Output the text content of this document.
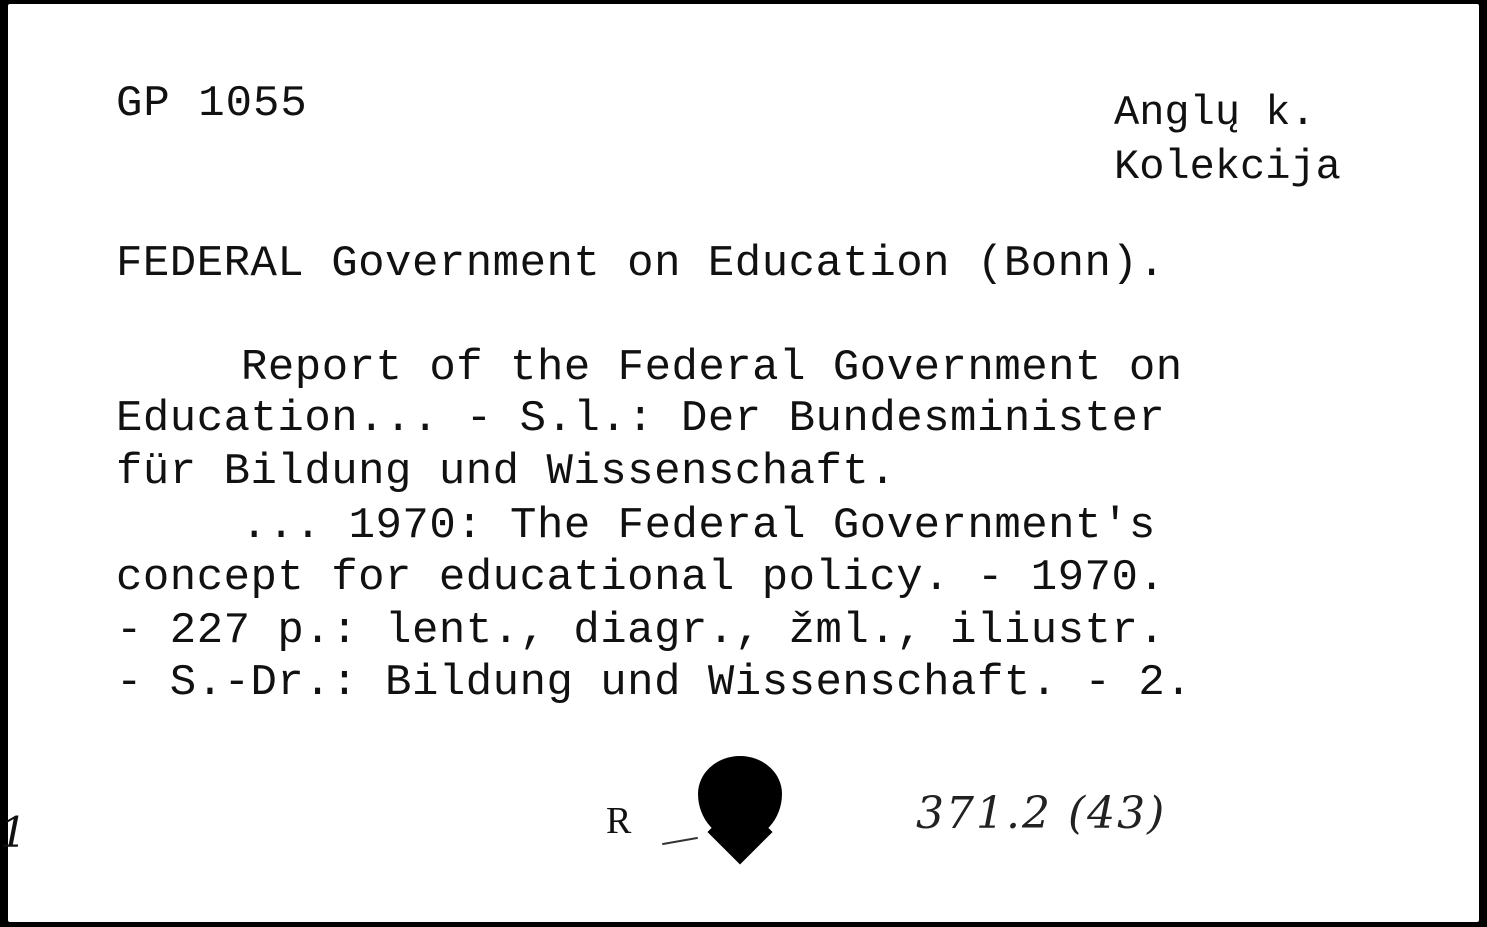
GP 1055	Anglų k.
Kolekcija
FEDERAL Government on Education (Bonn).
Report of the Federal Government on
Education... - S.l.: Der Bundesminister
für Bildung und Wissenschaft.
... 1970: The Federal Government's
concept for educational policy. - 1970.
- 227 p.: lent., diagr., žml., iliustr.
- S.-Dr.: Bildung und Wissenschaft. - 2.
R	371.2 (43)
1
